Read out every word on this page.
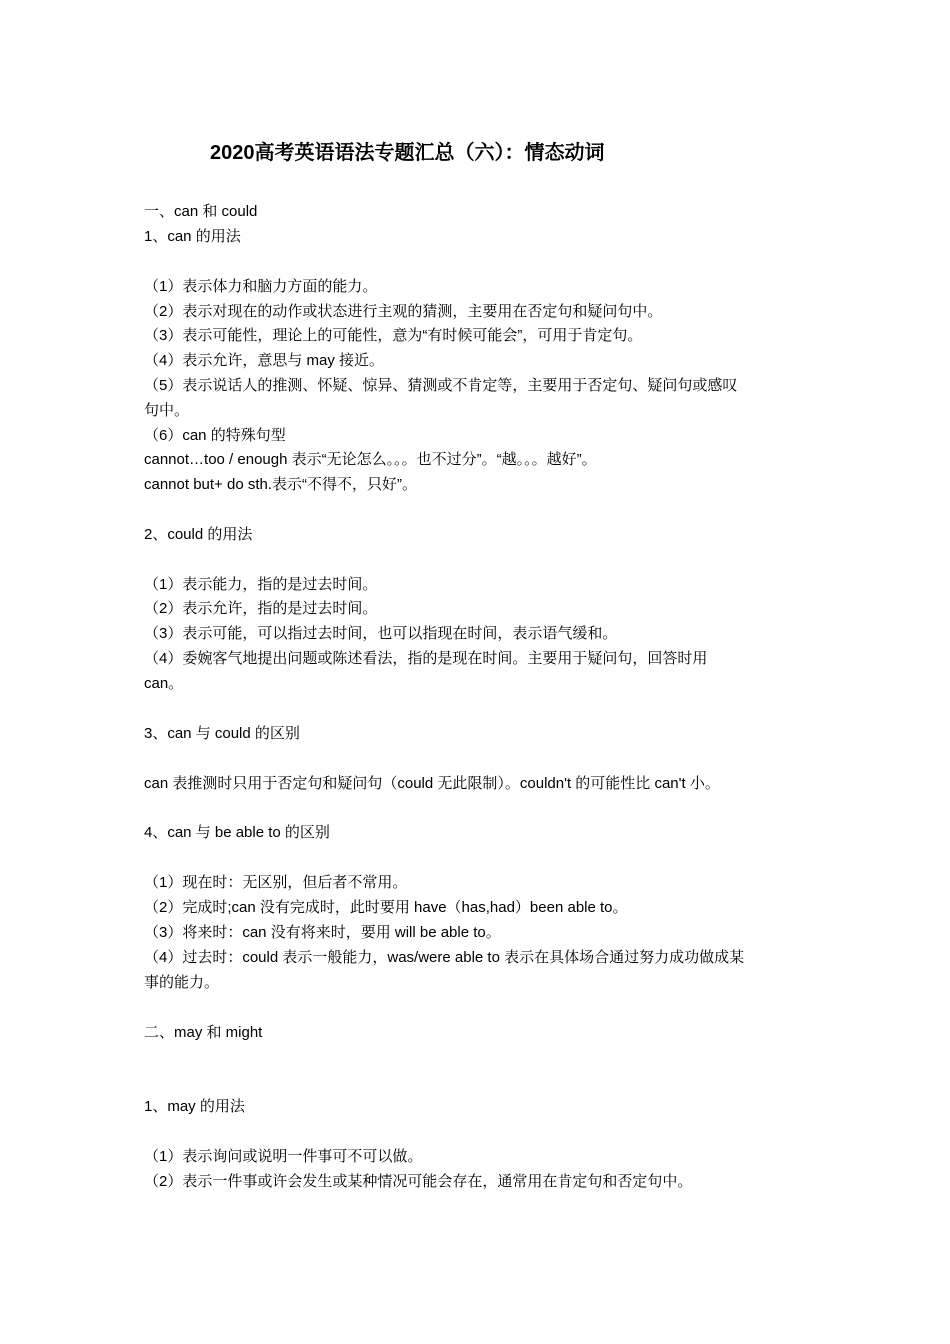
2020高考英语语法专题汇总（六）：情态动词
一、can 和 could
1、can 的用法
（1）表示体力和脑力方面的能力。
（2）表示对现在的动作或状态进行主观的猜测，主要用在否定句和疑问句中。
（3）表示可能性，理论上的可能性，意为“有时候可能会”，可用于肯定句。
（4）表示允许，意思与 may 接近。
（5）表示说话人的推测、怀疑、惊异、猜测或不肯定等，主要用于否定句、疑问句或感叹
句中。
（6）can 的特殊句型
cannot…too / enough 表示“无论怎么。。。也不过分”。“越。。。越好”。
cannot but+ do sth.表示“不得不，只好”。
2、could 的用法
（1）表示能力，指的是过去时间。
（2）表示允许，指的是过去时间。
（3）表示可能，可以指过去时间，也可以指现在时间，表示语气缓和。
（4）委婉客气地提出问题或陈述看法，指的是现在时间。主要用于疑问句，回答时用
can。
3、can 与 could 的区别
can 表推测时只用于否定句和疑问句（could 无此限制）。couldn't 的可能性比 can't 小。
4、can 与 be able to 的区别
（1）现在时：无区别，但后者不常用。
（2）完成时;can 没有完成时，此时要用 have（has,had）been able to。
（3）将来时：can 没有将来时，要用 will be able to。
（4）过去时：could 表示一般能力，was/were able to 表示在具体场合通过努力成功做成某
事的能力。
二、may 和 might
1、may 的用法
（1）表示询问或说明一件事可不可以做。
（2）表示一件事或许会发生或某种情况可能会存在，通常用在肯定句和否定句中。
